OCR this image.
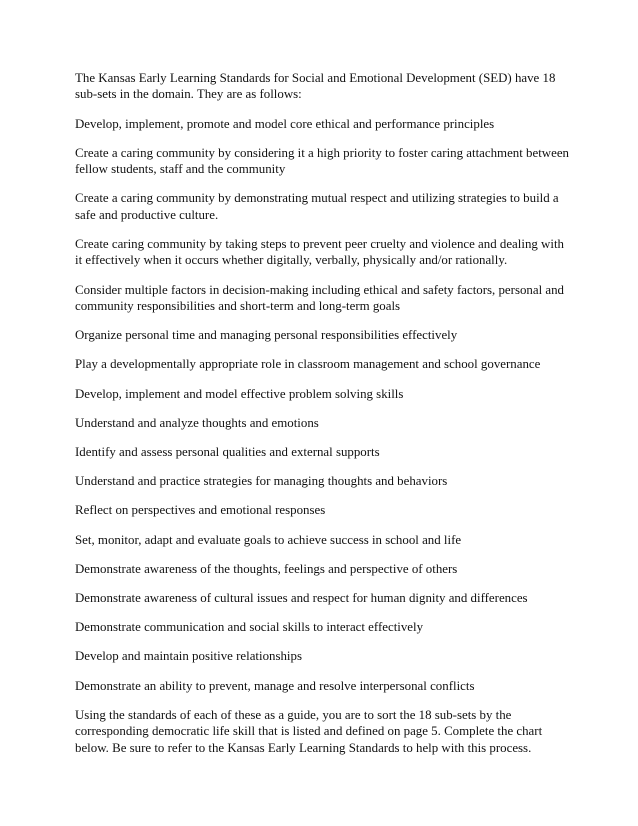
The Kansas Early Learning Standards for Social and Emotional Development (SED) have 18 sub-sets in the domain. They are as follows:

Develop, implement, promote and model core ethical and performance principles

Create a caring community by considering it a high priority to foster caring attachment between fellow students, staff and the community

Create a caring community by demonstrating mutual respect and utilizing strategies to build a safe and productive culture.

Create caring community by taking steps to prevent peer cruelty and violence and dealing with it effectively when it occurs whether digitally, verbally, physically and/or rationally.

Consider multiple factors in decision-making including ethical and safety factors, personal and community responsibilities and short-term and long-term goals

Organize personal time and managing personal responsibilities effectively

Play a developmentally appropriate role in classroom management and school governance

Develop, implement and model effective problem solving skills

Understand and analyze thoughts and emotions

Identify and assess personal qualities and external supports

Understand and practice strategies for managing thoughts and behaviors

Reflect on perspectives and emotional responses

Set, monitor, adapt and evaluate goals to achieve success in school and life

Demonstrate awareness of the thoughts, feelings and perspective of others

Demonstrate awareness of cultural issues and respect for human dignity and differences

Demonstrate communication and social skills to interact effectively

Develop and maintain positive relationships

Demonstrate an ability to prevent, manage and resolve interpersonal conflicts

Using the standards of each of these as a guide, you are to sort the 18 sub-sets by the corresponding democratic life skill that is listed and defined on page 5. Complete the chart below. Be sure to refer to the Kansas Early Learning Standards to help with this process.
